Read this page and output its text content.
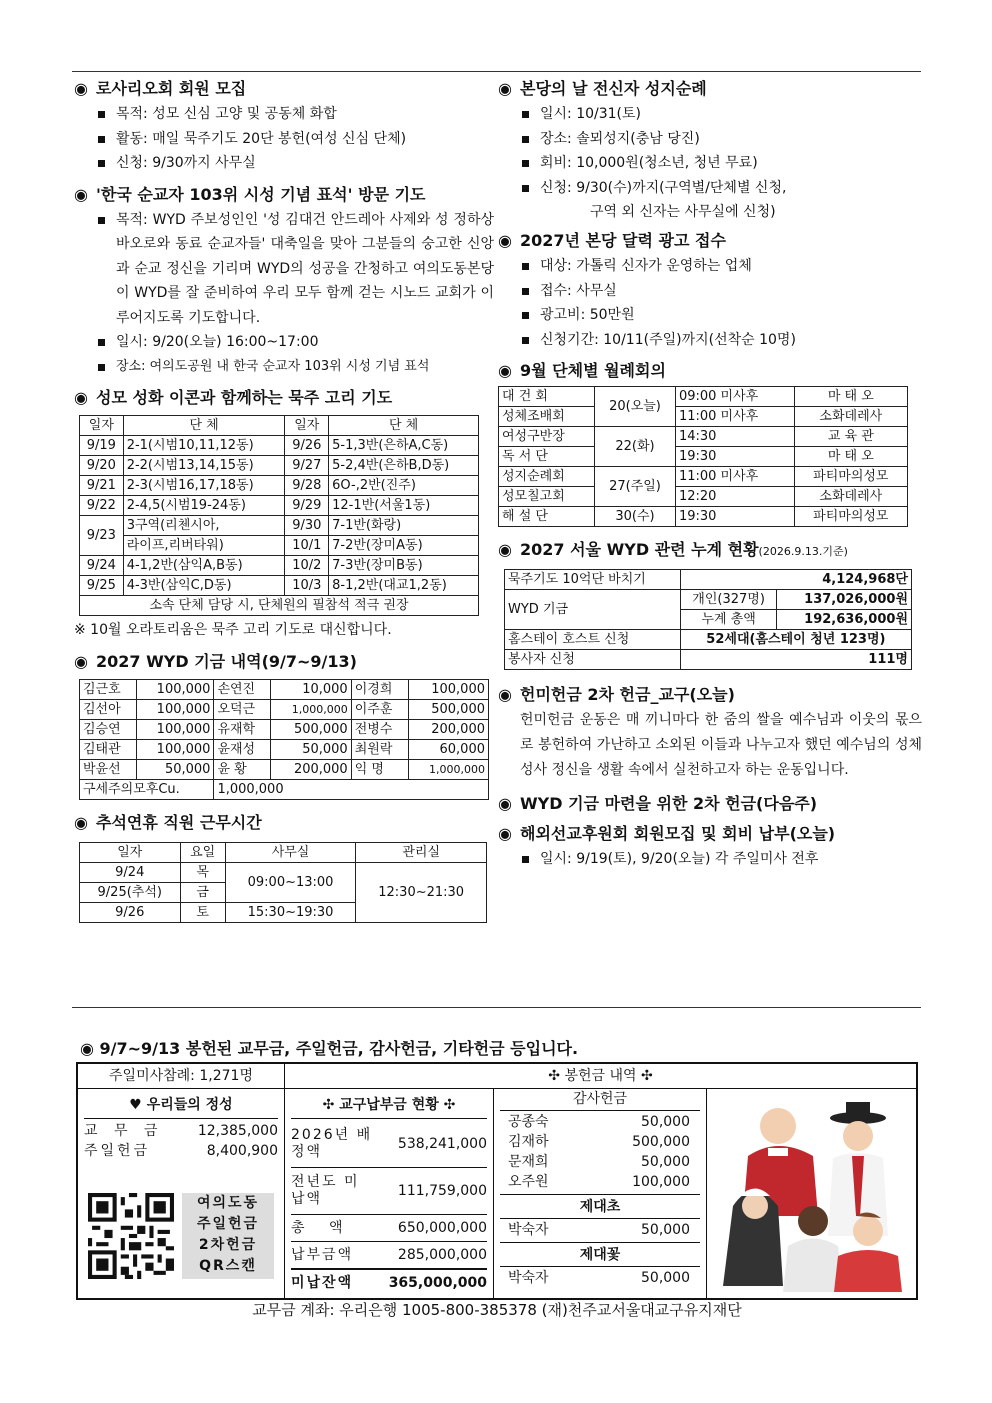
◉ 로사리오회 회원 모집

목적: 성모 신심 고양 및 공동체 화합
활동: 매일 묵주기도 20단 봉헌(여성 신심 단체)
신청: 9/30까지 사무실

◉ '한국 순교자 103위 시성 기념 표석' 방문 기도

목적: WYD 주보성인인 '성 김대건 안드레아 사제와 성 정하상 바오로와 동료 순교자들' 대축일을 맞아 그분들의 숭고한 신앙과 순교 정신을 기리며 WYD의 성공을 간청하고 여의도동본당이 WYD를 잘 준비하여 우리 모두 함께 걷는 시노드 교회가 이루어지도록 기도합니다.
일시: 9/20(오늘) 16:00~17:00
장소: 여의도공원 내 한국 순교자 103위 시성 기념 표석

◉ 성모 성화 이콘과 함께하는 묵주 고리 기도

일자	단 체	일자	단 체
9/19	2-1(시범10,11,12동)	9/26	5-1,3반(은하A,C동)
9/20	2-2(시범13,14,15동)	9/27	5-2,4반(은하B,D동)
9/21	2-3(시범16,17,18동)	9/28	6O-,2반(진주)
9/22	2-4,5(시범19-24동)	9/29	12-1반(서울1동)
9/23	3구역(리첸시아,	9/30	7-1반(화랑)
	라이프,리버타워)	10/1	7-2반(장미A동)
9/24	4-1,2반(삼익A,B동)	10/2	7-3반(장미B동)
9/25	4-3반(삼익C,D동)	10/3	8-1,2반(대교1,2동)
소속 단체 담당 시, 단체원의 필참석 적극 권장			
※ 10월 오라토리움은 묵주 고리 기도로 대신합니다.

◉ 2027 WYD 기금 내역(9/7~9/13)

김근호	100,000	손연진	10,000	이경희	100,000
김선아	100,000	오덕근	1,000,000	이주훈	500,000
김승연	100,000	유재학	500,000	전병수	200,000
김태관	100,000	윤재성	50,000	최원락	60,000
박윤선	50,000	윤 황	200,000	익 명	1,000,000
구세주의모후Cu.		1,000,000			

◉ 추석연휴 직원 근무시간

일자	요일	사무실	관리실
9/24	목	09:00~13:00	12:30~21:30
9/25(추석)	금		
9/26	토	15:30~19:30	

◉ 본당의 날 전신자 성지순례

일시: 10/31(토)
장소: 솔뫼성지(충남 당진)
회비: 10,000원(청소년, 청년 무료)
신청: 9/30(수)까지(구역별/단체별 신청,
구역 외 신자는 사무실에 신청)

◉ 2027년 본당 달력 광고 접수

대상: 가톨릭 신자가 운영하는 업체
접수: 사무실
광고비: 50만원
신청기간: 10/11(주일)까지(선착순 10명)

◉ 9월 단체별 월례회의

대 건 회	20(오늘)	09:00 미사후	마 태 오
성체조배회		11:00 미사후	소화데레사
여성구반장	22(화)	14:30	교 육 관
독 서 단		19:30	마 태 오
성지순례회	27(주일)	11:00 미사후	파티마의성모
성모칠고회		12:20	소화데레사
해 설 단	30(수)	19:30	파티마의성모

◉ 2027 서울 WYD 관련 누계 현황(2026.9.13.기준)

묵주기도 10억단 바치기	4,124,968단	
WYD 기금	개인(327명)	137,026,000원
	누계 총액	192,636,000원
홈스테이 호스트 신청	52세대(홈스테이 청년 123명)	
봉사자 신청	111명	

◉ 헌미헌금 2차 헌금_교구(오늘)

헌미헌금 운동은 매 끼니마다 한 줌의 쌀을 예수님과 이웃의 몫으로 봉헌하여 가난하고 소외된 이들과 나누고자 했던 예수님의 성체성사 정신을 생활 속에서 실천하고자 하는 운동입니다.

◉ WYD 기금 마련을 위한 2차 헌금(다음주)

◉ 해외선교후원회 회원모집 및 회비 납부(오늘)

일시: 9/19(토), 9/20(오늘) 각 주일미사 전후
◉ 9/7~9/13 봉헌된 교무금, 주일헌금, 감사헌금, 기타헌금 등입니다.
주일미사참례: 1,271명	✣ 봉헌금 내역 ✣
♥ 우리들의 정성
교 무 금 12,385,000
주일헌금	8,400,900
여의도동
주일헌금
2차헌금
QR스캔
✣ 교구납부금 현황 ✣
2026년 배정액	538,241,000
전년도 미납액	111,759,000
총 액	650,000,000
납부금액	285,000,000
미납잔액	365,000,000
감사헌금
공종숙	50,000
김재하	500,000
문재희	50,000
오주원	100,000
제대초
박숙자	50,000
제대꽃
박숙자	50,000
교무금 계좌: 우리은행 1005-800-385378 (재)천주교서울대교구유지재단
